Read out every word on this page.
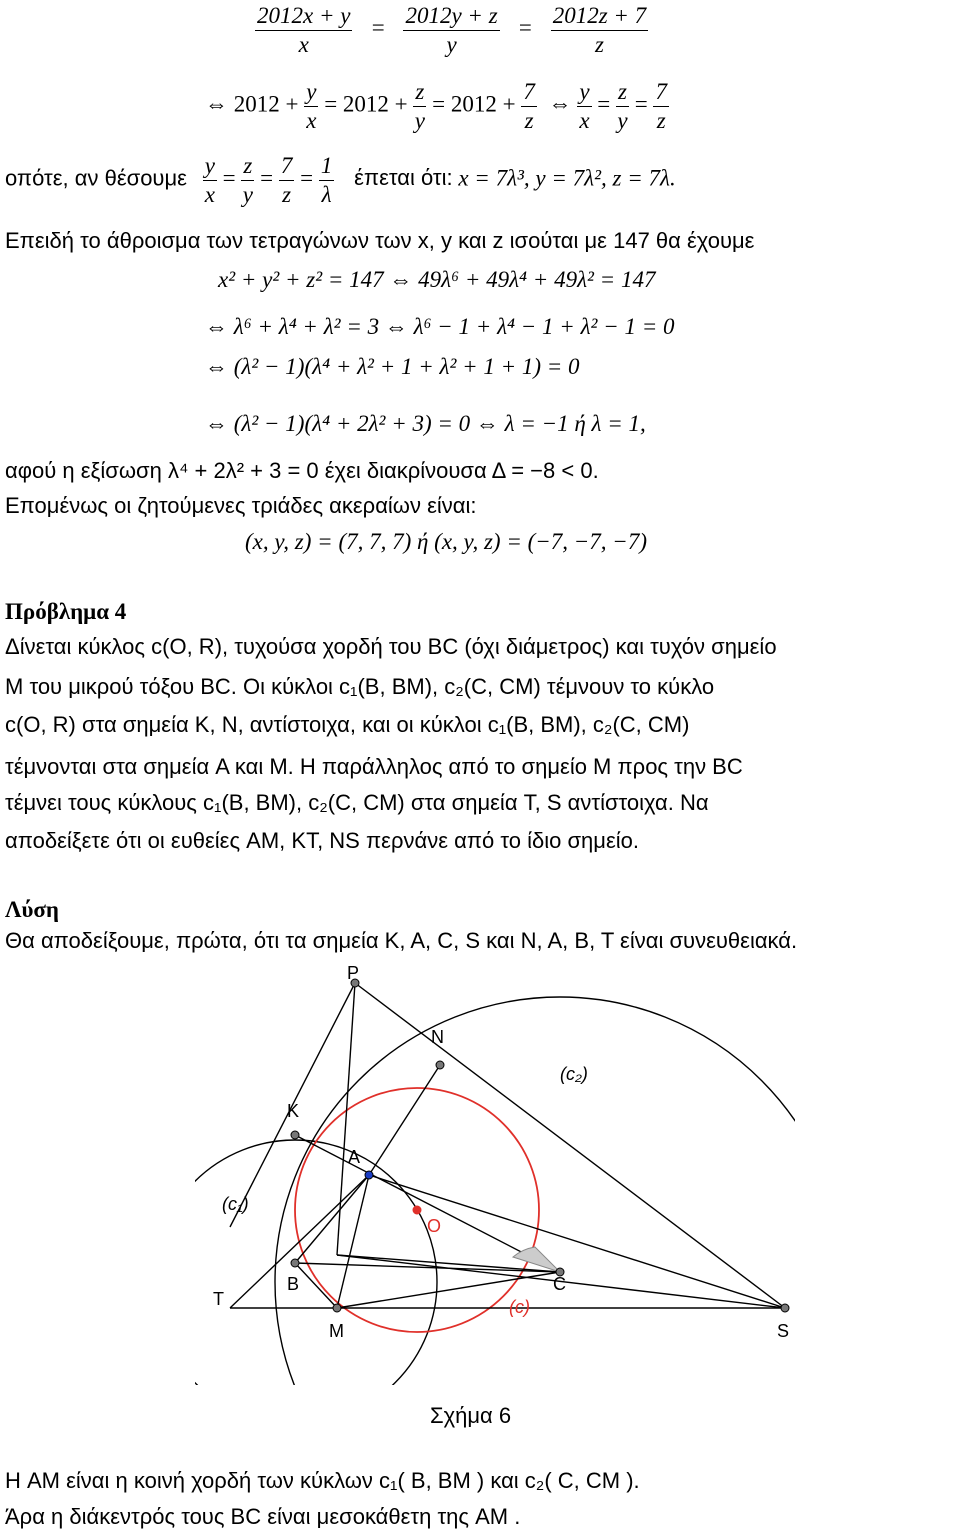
$\frac{2012x + y}{x} = \frac{2012y + z}{y} = \frac{2012z + 7}{z}$
⇔ $2012 + \frac{y}{x} = 2012 + \frac{z}{y} = 2012 + \frac{7}{z}$ ⇔ $\frac{y}{x} = \frac{z}{y} = \frac{7}{z}$
οπότε, αν θέσουμε $\frac{y}{x} = \frac{z}{y} = \frac{7}{z} = \frac{1}{\lambda}$ έπεται ότι: x = 7λ³, y = 7λ², z = 7λ.
Επειδή το άθροισμα των τετραγώνων των x, y και z ισούται με 147 θα έχουμε
x² + y² + z² = 147 ⇔ 49λ⁶ + 49λ⁴ + 49λ² = 147
⇔ λ⁶ + λ⁴ + λ² = 3 ⇔ λ⁶ − 1 + λ⁴ − 1 + λ² − 1 = 0
⇔ (λ² − 1)(λ⁴ + λ² + 1 + λ² + 1 + 1) = 0
⇔ (λ² − 1)(λ⁴ + 2λ² + 3) = 0 ⇔ λ = −1 ή λ = 1,
αφού η εξίσωση λ⁴ + 2λ² + 3 = 0 έχει διακρίνουσα Δ = −8 < 0.
Επομένως οι ζητούμενες τριάδες ακεραίων είναι:
(x, y, z) = (7, 7, 7) ή (x, y, z) = (−7, −7, −7)
Πρόβλημα 4
Δίνεται κύκλος c(O, R), τυχούσα χορδή του BC (όχι διάμετρος) και τυχόν σημείο
M του μικρού τόξου BC. Οι κύκλοι c₁(B, BM), c₂(C, CM) τέμνουν το κύκλο
c(O, R) στα σημεία K, N, αντίστοιχα, και οι κύκλοι c₁(B, BM), c₂(C, CM)
τέμνονται στα σημεία A και M. Η παράλληλος από το σημείο M προς την BC
τέμνει τους κύκλους c₁(B, BM), c₂(C, CM) στα σημεία T, S αντίστοιχα. Να
αποδείξετε ότι οι ευθείες AM, KT, NS περνάνε από το ίδιο σημείο.
Λύση
Θα αποδείξουμε, πρώτα, ότι τα σημεία K, A, C, S και N, A, B, T είναι συνευθειακά.
P
N
(c₂)
K
A
(c₁)
O
B	C
(c)
T
M	S
Σχήμα 6
Η AM είναι η κοινή χορδή των κύκλων c₁( B, BM ) και c₂( C, CM ).
Άρα η διάκεντρός τους BC είναι μεσοκάθετη της AM .
